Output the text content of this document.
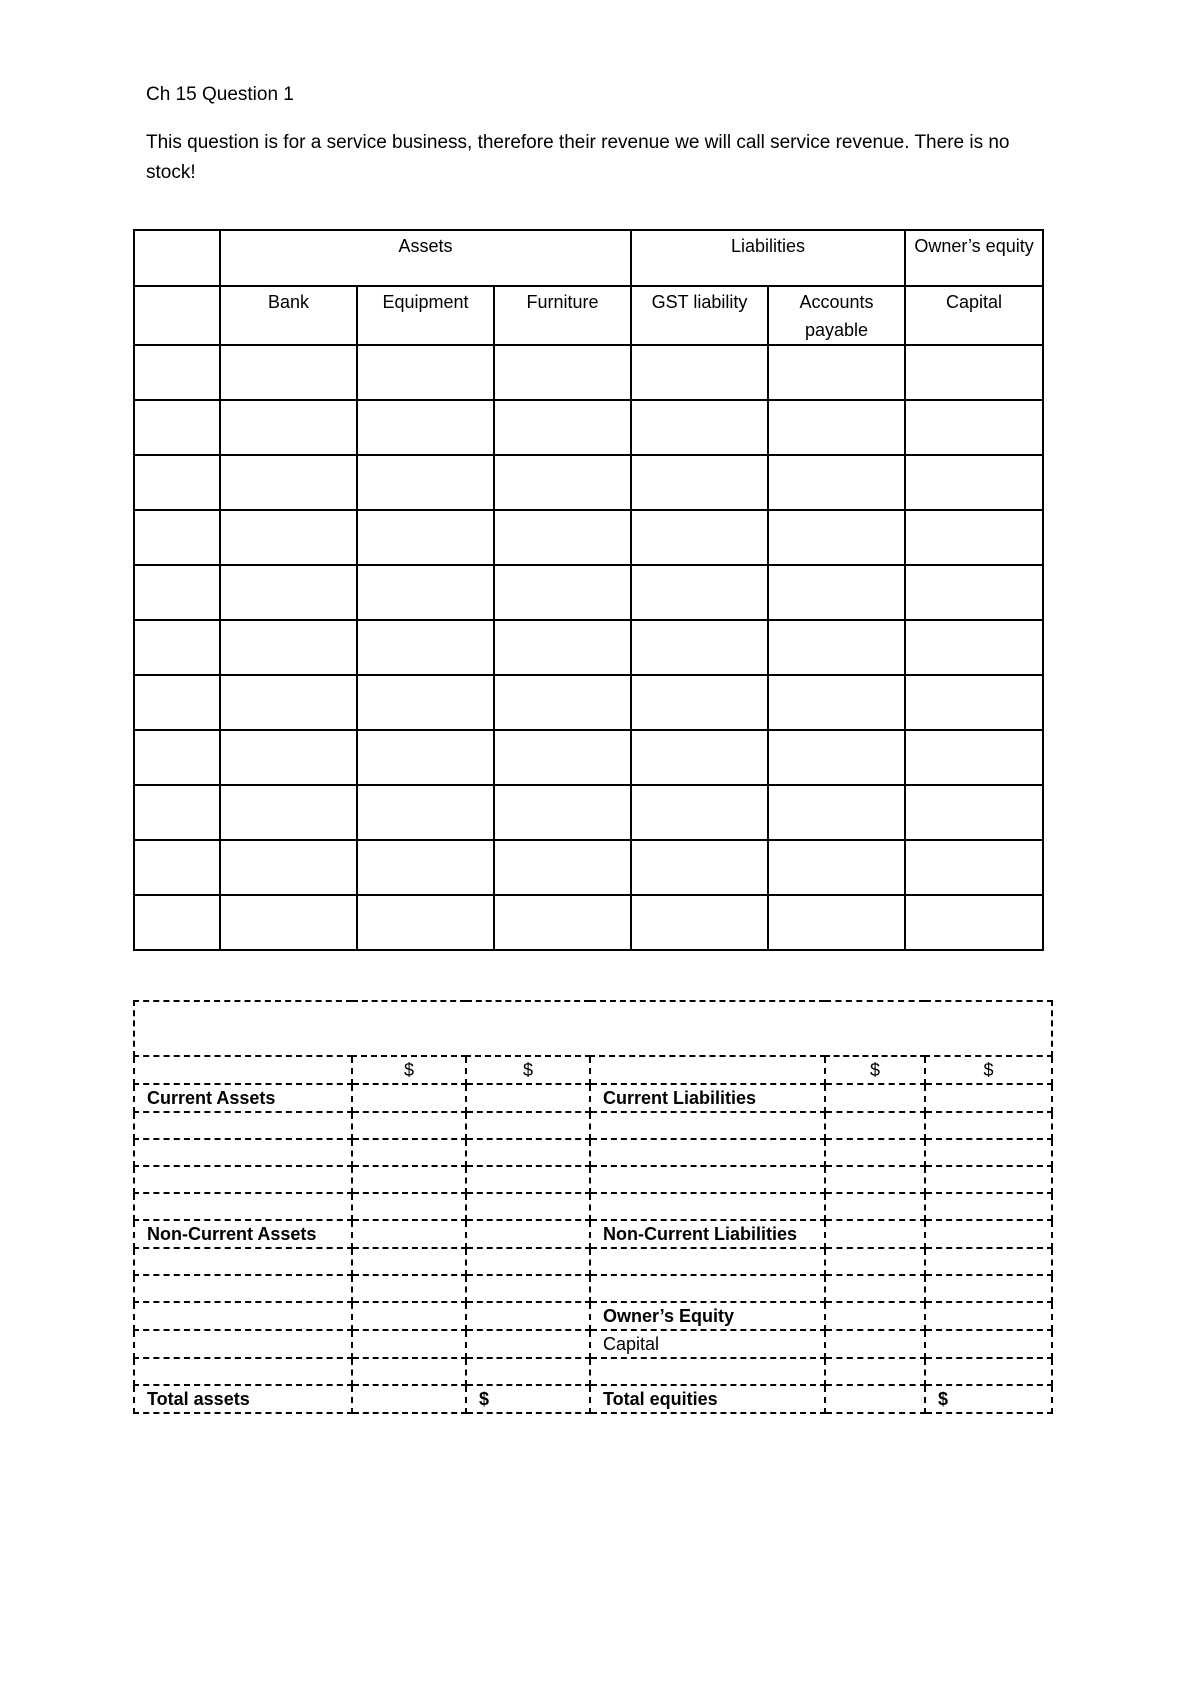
Ch 15 Question 1
This question is for a service business, therefore their revenue we will call service revenue. There is no stock!
	Assets			Liabilities		Owner’s equity
	Bank	Equipment	Furniture	GST liability	Accounts payable	Capital

	$	$		$	$
Current Assets			Current Liabilities		

Non-Current Assets			Non-Current Liabilities		

			Owner’s Equity		
			Capital		

Total assets		$	Total equities		$
